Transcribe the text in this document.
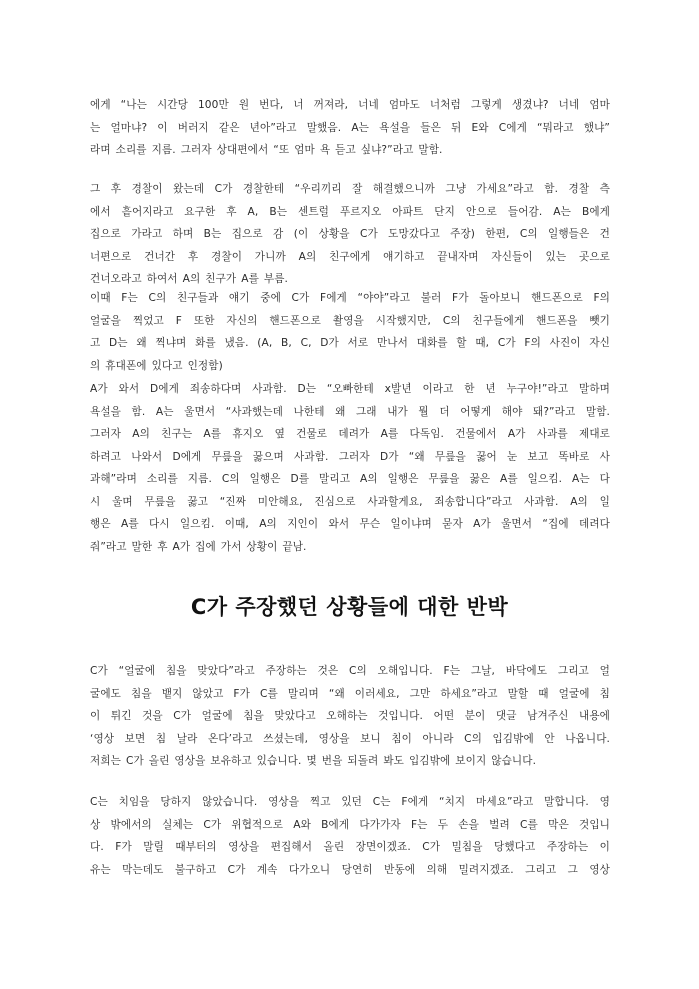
에게 “나는 시간당 100만 원 번다, 너 꺼져라, 너네 엄마도 너처럼 그렇게 생겼냐? 너네 엄마
는 얼마냐? 이 버러지 같은 년아”라고 말했음. A는 욕설을 들은 뒤 E와 C에게 “뭐라고 했냐”
라며 소리를 지름. 그러자 상대편에서 “또 엄마 욕 듣고 싶냐?”라고 말함.

그 후 경찰이 왔는데 C가 경찰한테 “우리끼리 잘 해결했으니까 그냥 가세요”라고 함. 경찰 측
에서 흩어지라고 요구한 후 A, B는 센트럴 푸르지오 아파트 단지 안으로 들어감. A는 B에게
집으로 가라고 하며 B는 집으로 감 (이 상황을 C가 도망갔다고 주장) 한편, C의 일행들은 건
너편으로 건너간 후 경찰이 가니까 A의 친구에게 얘기하고 끝내자며 자신들이 있는 곳으로
건너오라고 하여서 A의 친구가 A를 부름.

이때 F는 C의 친구들과 얘기 중에 C가 F에게 “야야”라고 불러 F가 돌아보니 핸드폰으로 F의
얼굴을 찍었고 F 또한 자신의 핸드폰으로 촬영을 시작했지만, C의 친구들에게 핸드폰을 뺏기
고 D는 왜 찍냐며 화를 냈음. (A, B, C, D가 서로 만나서 대화를 할 때, C가 F의 사진이 자신
의 휴대폰에 있다고 인정함)

A가 와서 D에게 죄송하다며 사과함. D는 “오빠한테 x발년 이라고 한 년 누구야!”라고 말하며
욕설을 함. A는 울면서 “사과했는데 나한테 왜 그래 내가 뭘 더 어떻게 해야 돼?”라고 말함.
그러자 A의 친구는 A를 휴지오 옆 건물로 데려가 A를 다독임. 건물에서 A가 사과를 제대로
하려고 나와서 D에게 무릎을 꿇으며 사과함. 그러자 D가 “왜 무릎을 꿇어 눈 보고 똑바로 사
과해”라며 소리를 지름. C의 일행은 D를 말리고 A의 일행은 무릎을 꿇은 A를 일으킴. A는 다
시 울며 무릎을 꿇고 “진짜 미안해요, 진심으로 사과할게요, 죄송합니다”라고 사과함. A의 일
행은 A를 다시 일으킴. 이때, A의 지인이 와서 무슨 일이냐며 묻자 A가 울면서 “집에 데려다
줘”라고 말한 후 A가 집에 가서 상황이 끝남.

C가 주장했던 상황들에 대한 반박

C가 “얼굴에 침을 맞았다”라고 주장하는 것은 C의 오해입니다. F는 그날, 바닥에도 그리고 얼
굴에도 침을 뱉지 않았고 F가 C를 말리며 “왜 이러세요, 그만 하세요”라고 말할 때 얼굴에 침
이 튀긴 것을 C가 얼굴에 침을 맞았다고 오해하는 것입니다. 어떤 분이 댓글 남겨주신 내용에
‘영상 보면 침 날라 온다’라고 쓰셨는데, 영상을 보니 침이 아니라 C의 입김밖에 안 나옵니다.
저희는 C가 올린 영상을 보유하고 있습니다. 몇 번을 되돌려 봐도 입김밖에 보이지 않습니다.

C는 치임을 당하지 않았습니다. 영상을 찍고 있던 C는 F에게 “치지 마세요”라고 말합니다. 영
상 밖에서의 실체는 C가 위협적으로 A와 B에게 다가가자 F는 두 손을 벌려 C를 막은 것입니
다. F가 말릴 때부터의 영상을 편집해서 올린 장면이겠죠. C가 밀침을 당했다고 주장하는 이
유는 막는데도 불구하고 C가 계속 다가오니 당연히 반동에 의해 밀려지겠죠. 그리고 그 영상
